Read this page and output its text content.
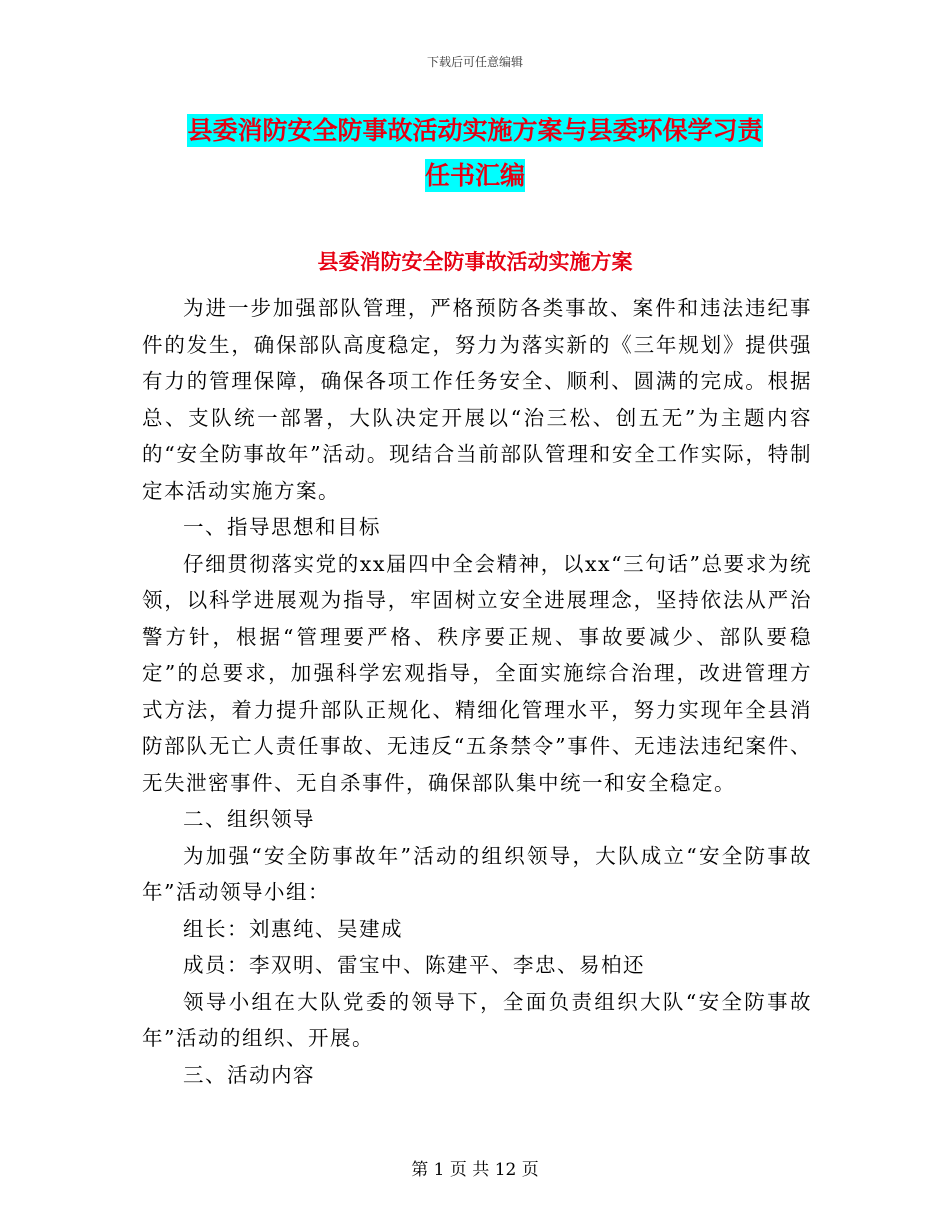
下载后可任意编辑
县委消防安全防事故活动实施方案与县委环保学习责
任书汇编
县委消防安全防事故活动实施方案

为进一步加强部队管理，严格预防各类事故、案件和违法违纪事件的发生，确保部队高度稳定，努力为落实新的《三年规划》提供强有力的管理保障，确保各项工作任务安全、顺利、圆满的完成。根据总、支队统一部署，大队决定开展以“治三松、创五无”为主题内容的“安全防事故年”活动。现结合当前部队管理和安全工作实际，特制定本活动实施方案。

一、指导思想和目标

仔细贯彻落实党的xx届四中全会精神，以xx“三句话”总要求为统领，以科学进展观为指导，牢固树立安全进展理念，坚持依法从严治警方针，根据“管理要严格、秩序要正规、事故要减少、部队要稳定”的总要求，加强科学宏观指导，全面实施综合治理，改进管理方式方法，着力提升部队正规化、精细化管理水平，努力实现年全县消防部队无亡人责任事故、无违反“五条禁令”事件、无违法违纪案件、无失泄密事件、无自杀事件，确保部队集中统一和安全稳定。

二、组织领导

为加强“安全防事故年”活动的组织领导，大队成立“安全防事故年”活动领导小组：

组长：刘惠纯、吴建成

成员：李双明、雷宝中、陈建平、李忠、易柏还

领导小组在大队党委的领导下，全面负责组织大队“安全防事故年”活动的组织、开展。

三、活动内容

第 1 页 共 12 页
